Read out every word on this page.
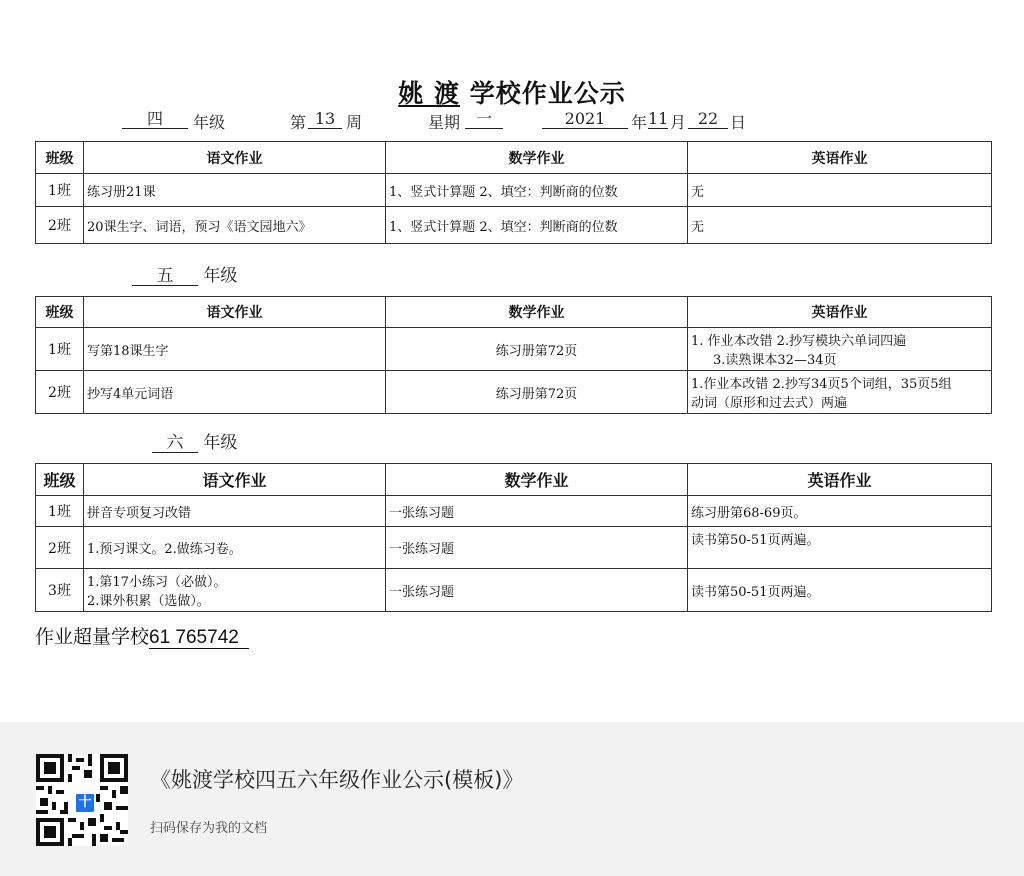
姚 渡 学校作业公示
四	年级	第 13 周	星期 一	2021	年 11 月 22 日
班级	语文作业	数学作业	英语作业
1班	练习册21课	1、竖式计算题 2、填空：判断商的位数	无
2班	20课生字、词语，预习《语文园地六》	1、竖式计算题 2、填空：判断商的位数	无
五 年级
班级	语文作业	数学作业	英语作业
1班	写第18课生字	练习册第72页	1. 作业本改错 2.抄写模块六单词四遍
3.读熟课本32—34页

2班	抄写4单元词语	练习册第72页	1.作业本改错 2.抄写34页5个词组，35页5组
动词（原形和过去式）两遍
六 年级
班级	语文作业	数学作业	英语作业
1班	拼音专项复习改错	一张练习题	练习册第68-69页。
2班	1.预习课文。2.做练习卷。	一张练习题	读书第50-51页两遍。
3班	1.第17小练习（必做）。
2.课外积累（选做）。	一张练习题	读书第50-51页两遍。
作业超量学校61 765742
十
《姚渡学校四五六年级作业公示(模板)》
扫码保存为我的文档
